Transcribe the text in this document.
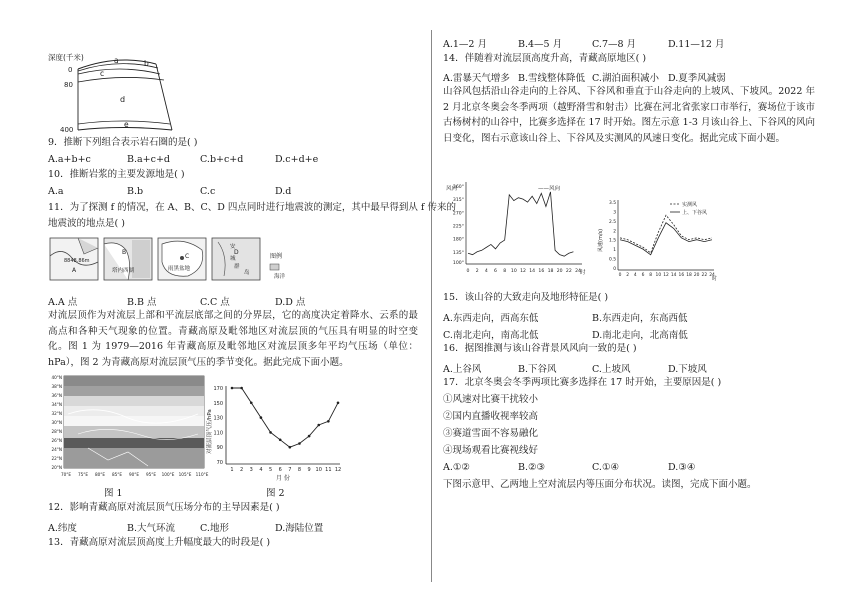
深度(千米)
0
80
400
a	b
c
d
e
9．推断下列组合表示岩石圈的是( )
A.a+b+c	B.a+c+d	C.b+c+d	D.c+d+e
10．推断岩浆的主要发源地是( )
A.a	B.b	C.c	D.d
11．为了探测 f 的情况，在 A、B、C、D 四点同时进行地震波的测定，其中最早得到从 f 传来的
地震波的地点是( )
8848.86m
A
B
塔内西湖
C
雨黑盆地
D
安
城
群
岛
图例
海洋
A.A 点	B.B 点	C.C 点	D.D 点
对流层顶作为对流层上部和平流层底部之间的分界层，它的高度决定着降水、云系的最高点和各种天气现象的位置。青藏高原及毗邻地区对流层顶的气压具有明显的时空变化。图 1 为 1979—2016 年青藏高原及毗邻地区对流层顶多年平均气压场（单位：hPa），图 2 为青藏高原对流层顶气压的季节变化。据此完成下面小题。
40°N
38°N
36°N
34°N
32°N
30°N
28°N
26°N
24°N
22°N
20°N
70°E 75°E 80°E 85°E 90°E 95°E 100°E 105°E 110°E
图 1
对流层顶气压/hPa
月 份
170
150
130
110
90
70
1 2 3 4 5 6 7 8 9 10 11 12
图 2
12．影响青藏高原对流层顶气压场分布的主导因素是( )
A.纬度	B.大气环流	C.地形	D.海陆位置
13．青藏高原对流层顶高度上升幅度最大的时段是( )
A.1—2 月	B.4—5 月	C.7—8 月	D.11—12 月
14．伴随着对流层顶高度升高，青藏高原地区( )
A.雷暴天气增多 B.雪线整体降低 C.湖泊面积减小 D.夏季风减弱
山谷风包括沿山谷走向的上谷风、下谷风和垂直于山谷走向的上坡风、下坡风。2022 年 2 月北京冬奥会冬季两项（越野滑雪和射击）比赛在河北省张家口市举行，赛场位于该市古杨树村的山谷中，比赛多选择在 17 时开始。图左示意 1-3 月该山谷上、下谷风的风向日变化，图右示意该山谷上、下谷风及实测风的风速日变化。据此完成下面小题。
风向	——风向
时
360°
315°
270°
225°
180°
135°
100°
0 2 4 6 8 10 12 14 16 18 20 22 24
风速(m/s)
实测风
上、下谷风
时
3.5
3
2.5
2
1.5
1
0.5
0
0 2 4 6 8 10 12 14 16 18 20 22 24
15．该山谷的大致走向及地形特征是( )
A.东西走向，西高东低	B.东西走向，东高西低
C.南北走向，南高北低	D.南北走向，北高南低
16．据图推测与该山谷背景风风向一致的是( )
A.上谷风	B.下谷风	C.上坡风	D.下坡风
17．北京冬奥会冬季两项比赛多选择在 17 时开始，主要原因是( )
①风速对比赛干扰较小
②国内直播收视率较高
③赛道雪面不容易融化
④现场观看比赛视线好
A.①②	B.②③	C.①④	D.③④
下图示意甲、乙两地上空对流层内等压面分布状况。读图，完成下面小题。
